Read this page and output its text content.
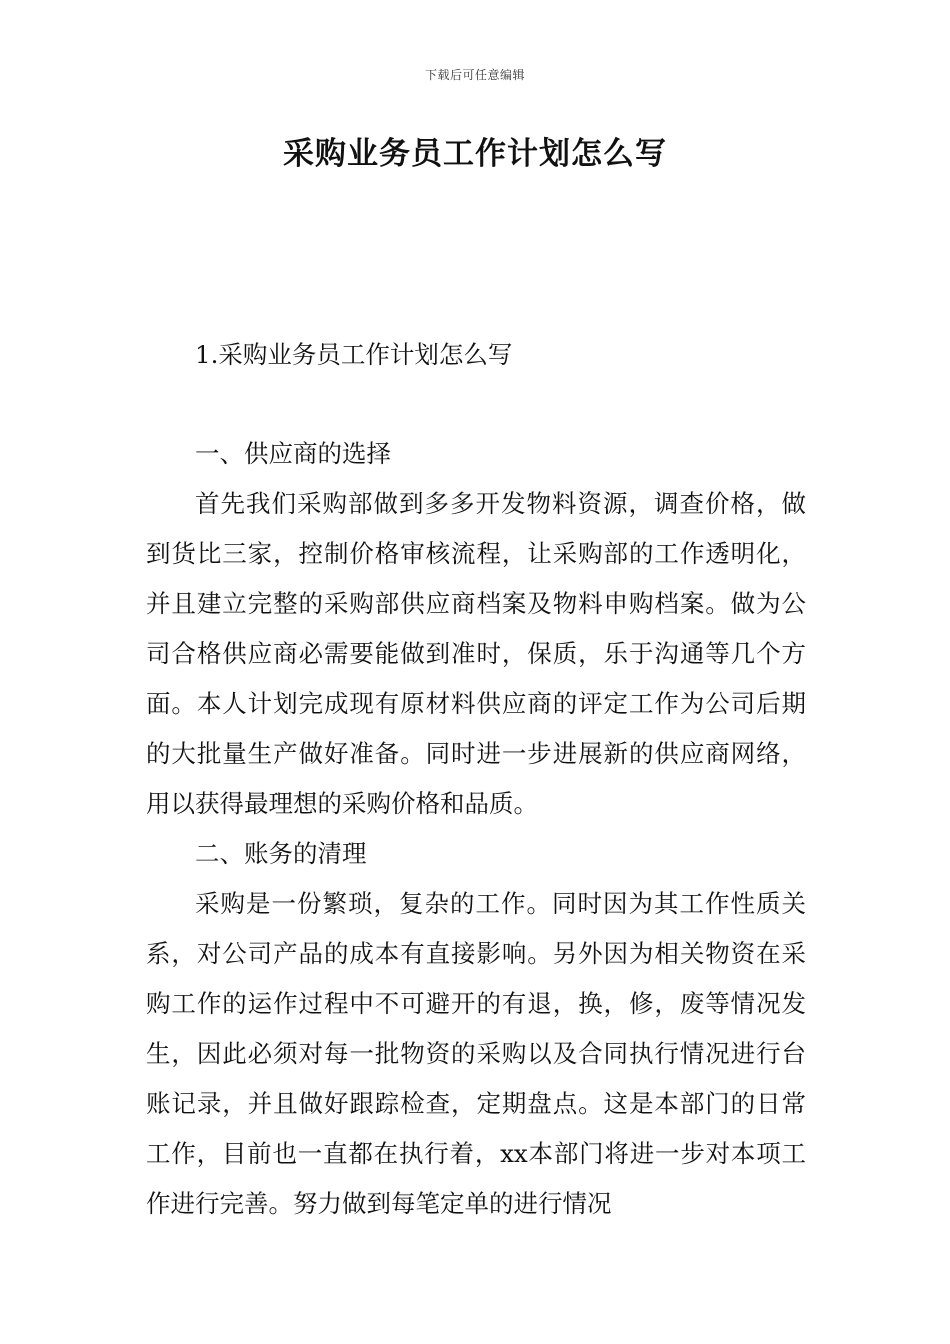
下载后可任意编辑
采购业务员工作计划怎么写
1.采购业务员工作计划怎么写
一、供应商的选择

首先我们采购部做到多多开发物料资源，调查价格，做到货比三家，控制价格审核流程，让采购部的工作透明化，并且建立完整的采购部供应商档案及物料申购档案。做为公司合格供应商必需要能做到准时，保质，乐于沟通等几个方面。本人计划完成现有原材料供应商的评定工作为公司后期的大批量生产做好准备。同时进一步进展新的供应商网络，用以获得最理想的采购价格和品质。

二、账务的清理

采购是一份繁琐，复杂的工作。同时因为其工作性质关系，对公司产品的成本有直接影响。另外因为相关物资在采购工作的运作过程中不可避开的有退，换，修，废等情况发生，因此必须对每一批物资的采购以及合同执行情况进行台账记录，并且做好跟踪检查，定期盘点。这是本部门的日常工作，目前也一直都在执行着，xx本部门将进一步对本项工作进行完善。努力做到每笔定单的进行情况
